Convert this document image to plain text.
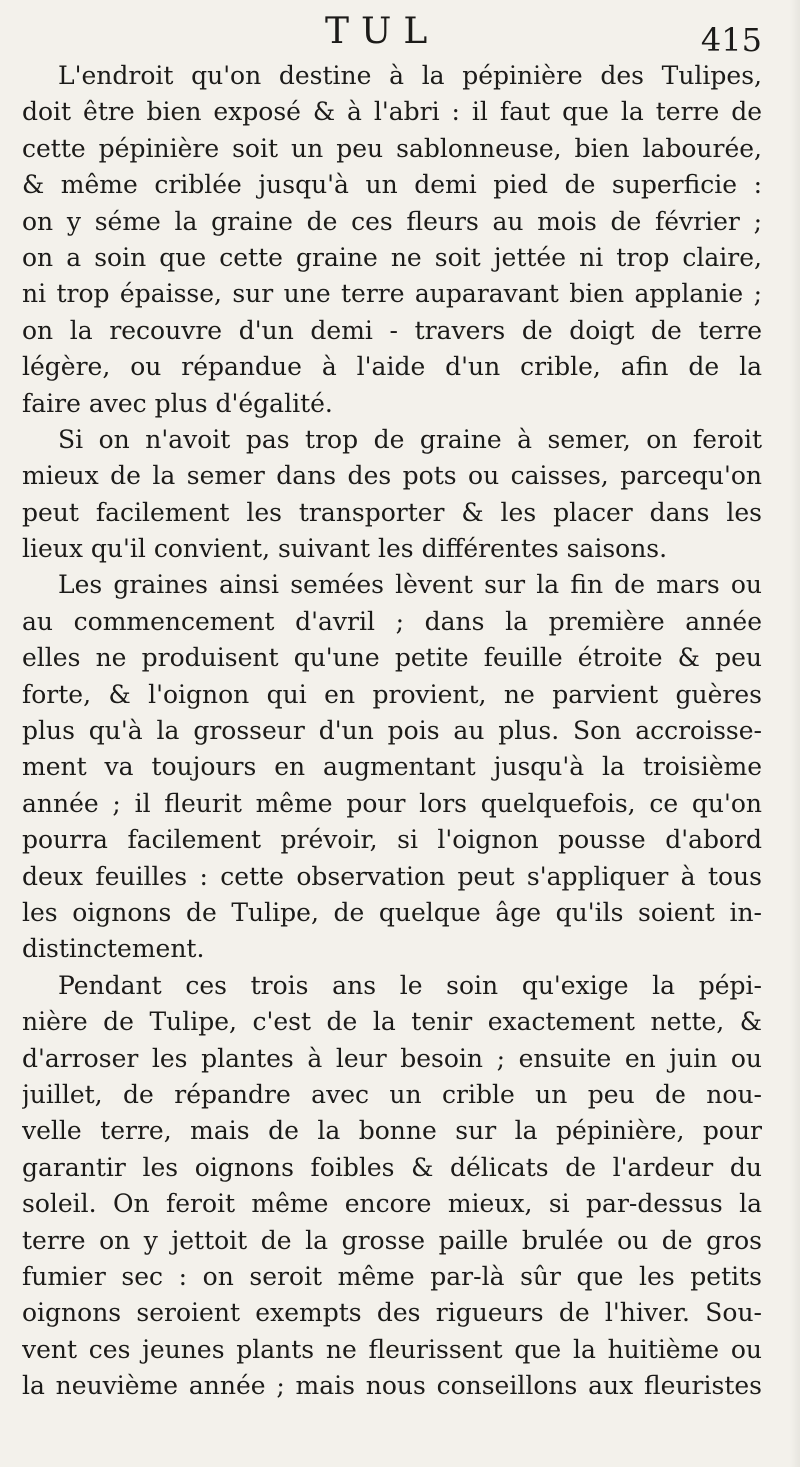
TUL	415
L'endroit qu'on destine à la pépinière des Tulipes,
doit être bien exposé & à l'abri : il faut que la terre de
cette pépinière soit un peu sablonneuse, bien labourée,
& même criblée jusqu'à un demi pied de superficie :
on y séme la graine de ces fleurs au mois de février ;
on a soin que cette graine ne soit jettée ni trop claire,
ni trop épaisse, sur une terre auparavant bien applanie ;
on la recouvre d'un demi - travers de doigt de terre
légère, ou répandue à l'aide d'un crible, afin de la
faire avec plus d'égalité.
Si on n'avoit pas trop de graine à semer, on feroit
mieux de la semer dans des pots ou caisses, parcequ'on
peut facilement les transporter & les placer dans les
lieux qu'il convient, suivant les différentes saisons.
Les graines ainsi semées lèvent sur la fin de mars ou
au commencement d'avril ; dans la première année
elles ne produisent qu'une petite feuille étroite & peu
forte, & l'oignon qui en provient, ne parvient guères
plus qu'à la grosseur d'un pois au plus. Son accroisse-
ment va toujours en augmentant jusqu'à la troisième
année ; il fleurit même pour lors quelquefois, ce qu'on
pourra facilement prévoir, si l'oignon pousse d'abord
deux feuilles : cette observation peut s'appliquer à tous
les oignons de Tulipe, de quelque âge qu'ils soient in-
distinctement.
Pendant ces trois ans le soin qu'exige la pépi-
nière de Tulipe, c'est de la tenir exactement nette, &
d'arroser les plantes à leur besoin ; ensuite en juin ou
juillet, de répandre avec un crible un peu de nou-
velle terre, mais de la bonne sur la pépinière, pour
garantir les oignons foibles & délicats de l'ardeur du
soleil. On feroit même encore mieux, si par-dessus la
terre on y jettoit de la grosse paille brulée ou de gros
fumier sec : on seroit même par-là sûr que les petits
oignons seroient exempts des rigueurs de l'hiver. Sou-
vent ces jeunes plants ne fleurissent que la huitième ou
la neuvième année ; mais nous conseillons aux fleuristes
